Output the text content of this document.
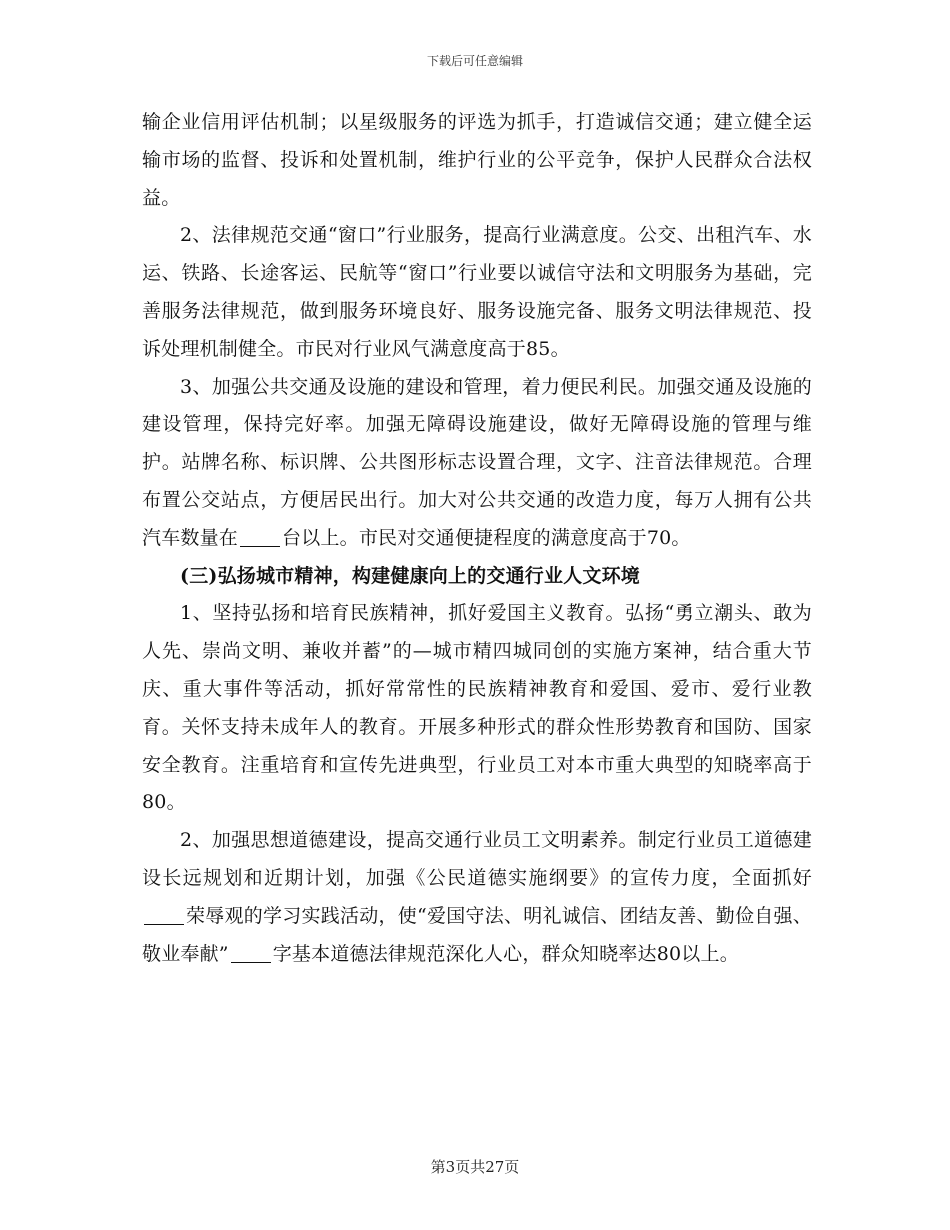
下载后可任意编辑

输企业信用评估机制；以星级服务的评选为抓手，打造诚信交通；建立健全运输市场的监督、投诉和处置机制，维护行业的公平竞争，保护人民群众合法权益。

2、法律规范交通“窗口”行业服务，提高行业满意度。公交、出租汽车、水运、铁路、长途客运、民航等“窗口”行业要以诚信守法和文明服务为基础，完善服务法律规范，做到服务环境良好、服务设施完备、服务文明法律规范、投诉处理机制健全。市民对行业风气满意度高于85。

3、加强公共交通及设施的建设和管理，着力便民利民。加强交通及设施的建设管理，保持完好率。加强无障碍设施建设，做好无障碍设施的管理与维护。站牌名称、标识牌、公共图形标志设置合理，文字、注音法律规范。合理布置公交站点，方便居民出行。加大对公共交通的改造力度，每万人拥有公共汽车数量在 台以上。市民对交通便捷程度的满意度高于70。

(三)弘扬城市精神，构建健康向上的交通行业人文环境

1、坚持弘扬和培育民族精神，抓好爱国主义教育。弘扬“勇立潮头、敢为人先、崇尚文明、兼收并蓄”的—城市精四城同创的实施方案神，结合重大节庆、重大事件等活动，抓好常常性的民族精神教育和爱国、爱市、爱行业教育。关怀支持未成年人的教育。开展多种形式的群众性形势教育和国防、国家安全教育。注重培育和宣传先进典型，行业员工对本市重大典型的知晓率高于80。

2、加强思想道德建设，提高交通行业员工文明素养。制定行业员工道德建设长远规划和近期计划，加强《公民道德实施纲要》的宣传力度，全面抓好荣辱观的学习实践活动，使“爱国守法、明礼诚信、团结友善、勤俭自强、敬业奉献” 字基本道德法律规范深化人心，群众知晓率达80以上。

第3页共27页
